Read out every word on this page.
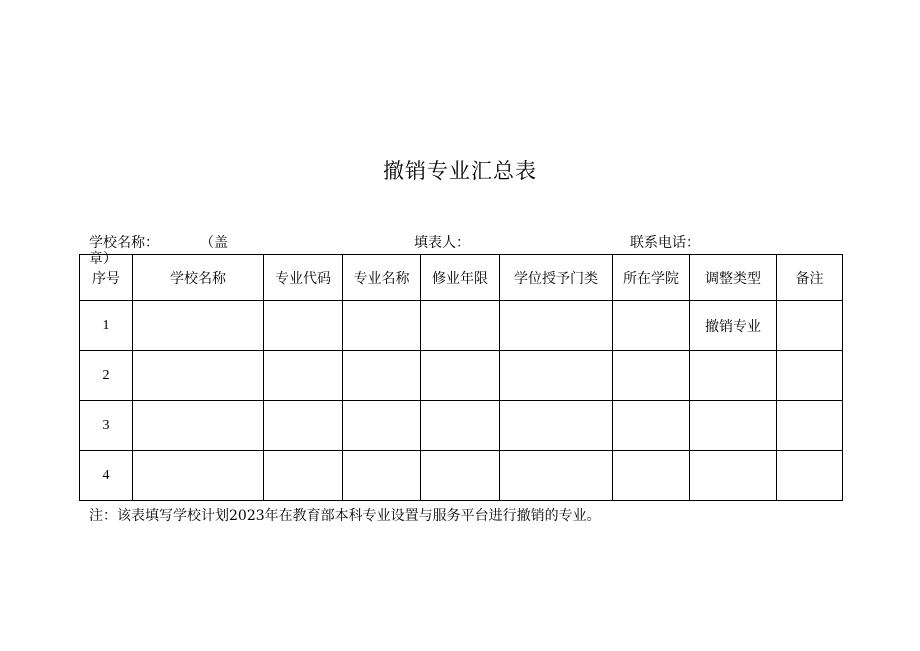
撤销专业汇总表
学校名称：	（盖
章）
填表人：	联系电话：
序号	学校名称	专业代码	专业名称	修业年限	学位授予门类	所在学院	调整类型	备注
1							撤销专业	
2								
3								
4								
注：该表填写学校计划2023年在教育部本科专业设置与服务平台进行撤销的专业。
